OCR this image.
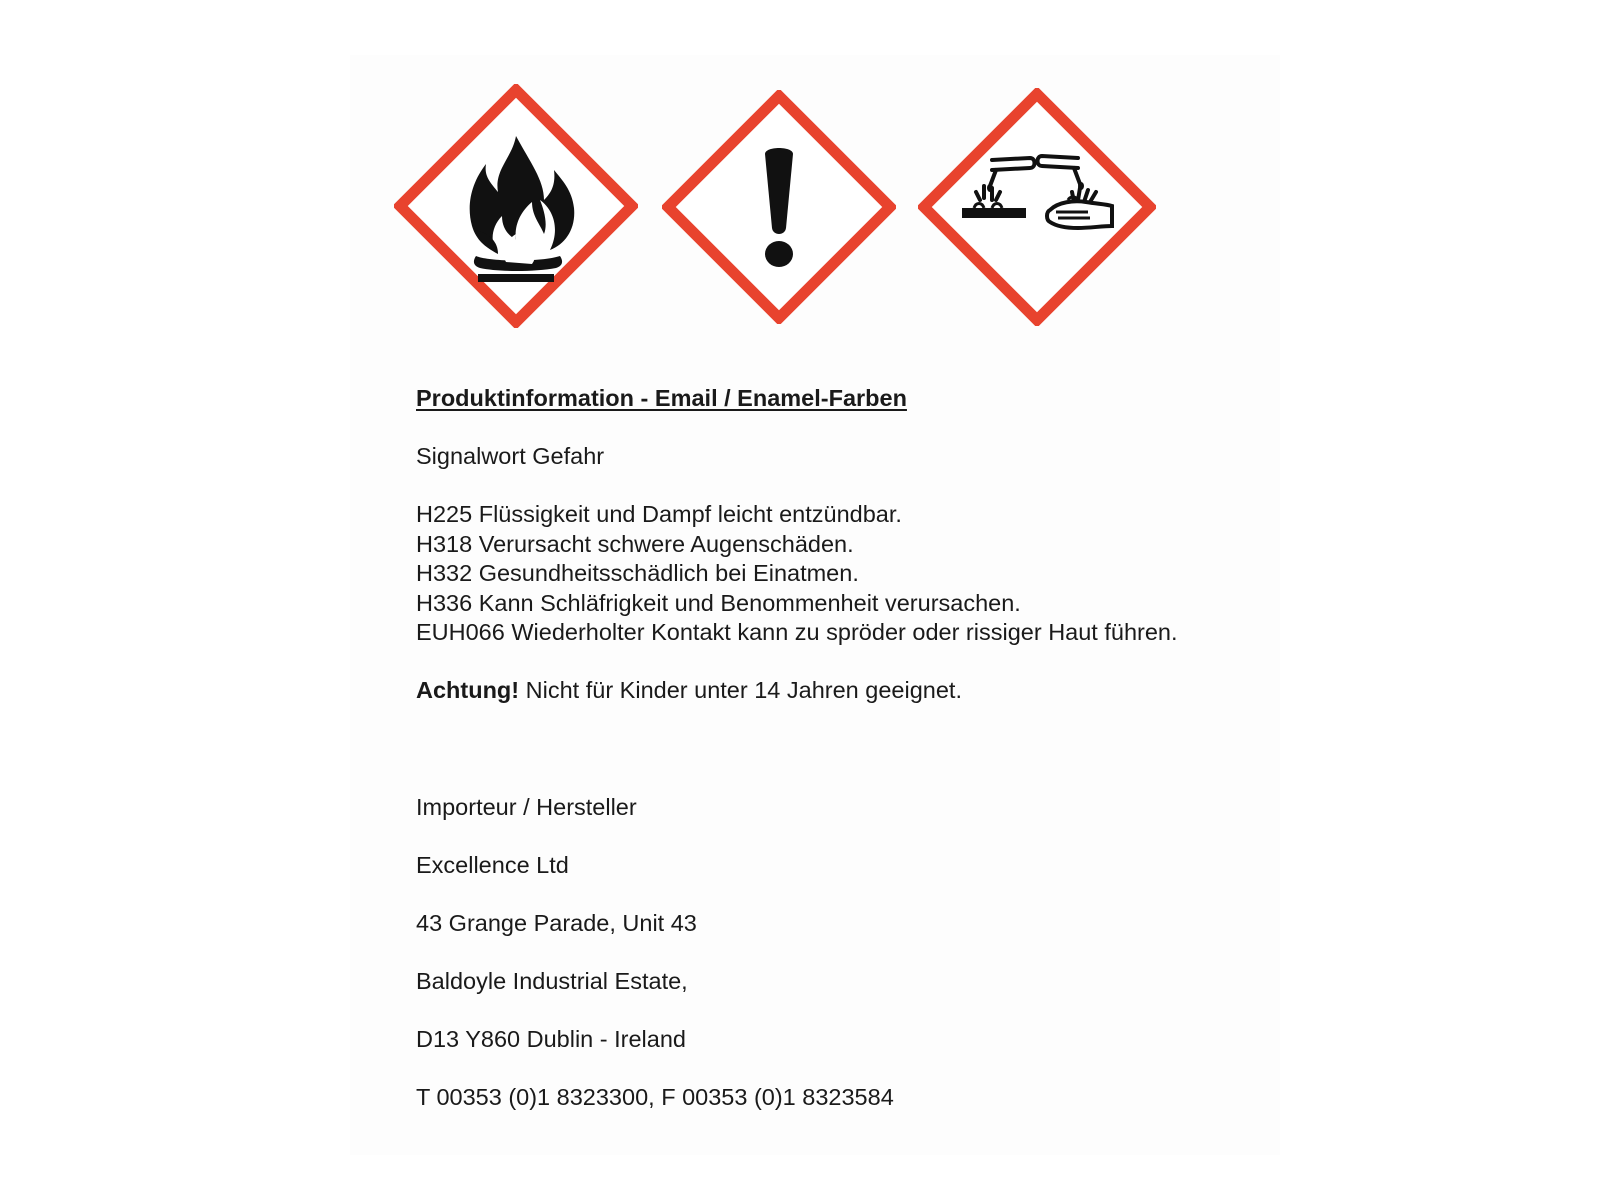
Produktinformation - Email / Enamel-Farben
Signalwort Gefahr
H225 Flüssigkeit und Dampf leicht entzündbar.
H318 Verursacht schwere Augenschäden.
H332 Gesundheitsschädlich bei Einatmen.
H336 Kann Schläfrigkeit und Benommenheit verursachen.
EUH066 Wiederholter Kontakt kann zu spröder oder rissiger Haut führen.
Achtung! Nicht für Kinder unter 14 Jahren geeignet.
Importeur / Hersteller
Excellence Ltd
43 Grange Parade, Unit 43
Baldoyle Industrial Estate,
D13 Y860 Dublin - Ireland
T 00353 (0)1 8323300, F 00353 (0)1 8323584
